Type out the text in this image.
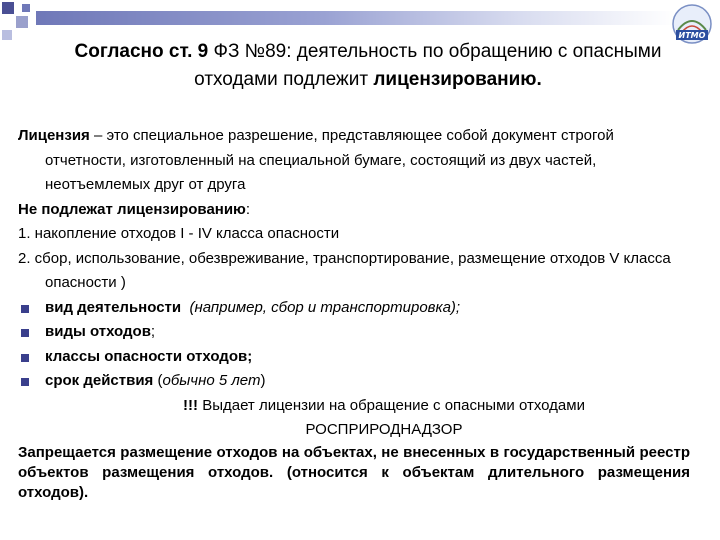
ИТМО
Согласно ст. 9 ФЗ №89: деятельность по обращению с опасными отходами подлежит лицензированию.

Лицензия – это специальное разрешение, представляющее собой документ строгой отчетности, изготовленный на специальной бумаге, состоящий из двух частей, неотъемлемых друг от друга

Не подлежат лицензированию:

1. накопление отходов I - IV класса опасности

2. сбор, использование, обезвреживание, транспортирование, размещение отходов V класса опасности )

вид деятельности (например, сбор и транспортировка);

виды отходов;

классы опасности отходов;

срок действия (обычно 5 лет)

!!! Выдает лицензии на обращение с опасными отходами

РОСПРИРОДНАДЗОР

Запрещается размещение отходов на объектах, не внесенных в государственный реестр объектов размещения отходов. (относится к объектам длительного размещения отходов).
